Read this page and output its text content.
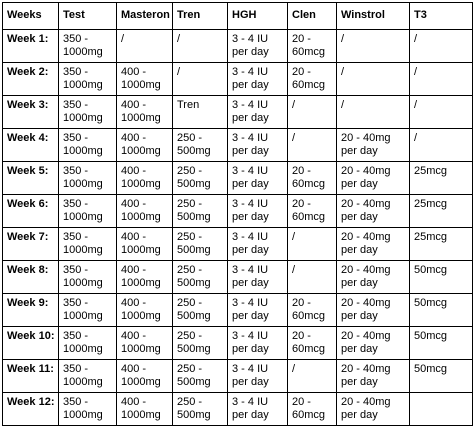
Weeks	Test	Masteron	Tren	HGH	Clen	Winstrol	T3
Week 1:	350 - 1000mg	/	/	3 - 4 IU per day	20 - 60mcg	/	/
Week 2:	350 - 1000mg	400 - 1000mg	/	3 - 4 IU per day	20 - 60mcg	/	/
Week 3:	350 - 1000mg	400 - 1000mg	Tren	3 - 4 IU per day	/	/	/
Week 4:	350 - 1000mg	400 - 1000mg	250 - 500mg	3 - 4 IU per day	/	20 - 40mg per day	/
Week 5:	350 - 1000mg	400 - 1000mg	250 - 500mg	3 - 4 IU per day	20 - 60mcg	20 - 40mg per day	25mcg
Week 6:	350 - 1000mg	400 - 1000mg	250 - 500mg	3 - 4 IU per day	20 - 60mcg	20 - 40mg per day	25mcg
Week 7:	350 - 1000mg	400 - 1000mg	250 - 500mg	3 - 4 IU per day	/	20 - 40mg per day	25mcg
Week 8:	350 - 1000mg	400 - 1000mg	250 - 500mg	3 - 4 IU per day	/	20 - 40mg per day	50mcg
Week 9:	350 - 1000mg	400 - 1000mg	250 - 500mg	3 - 4 IU per day	20 - 60mcg	20 - 40mg per day	50mcg
Week 10:	350 - 1000mg	400 - 1000mg	250 - 500mg	3 - 4 IU per day	20 - 60mcg	20 - 40mg per day	50mcg
Week 11:	350 - 1000mg	400 - 1000mg	250 - 500mg	3 - 4 IU per day	/	20 - 40mg per day	50mcg
Week 12:	350 - 1000mg	400 - 1000mg	250 - 500mg	3 - 4 IU per day	20 - 60mcg	20 - 40mg per day	
